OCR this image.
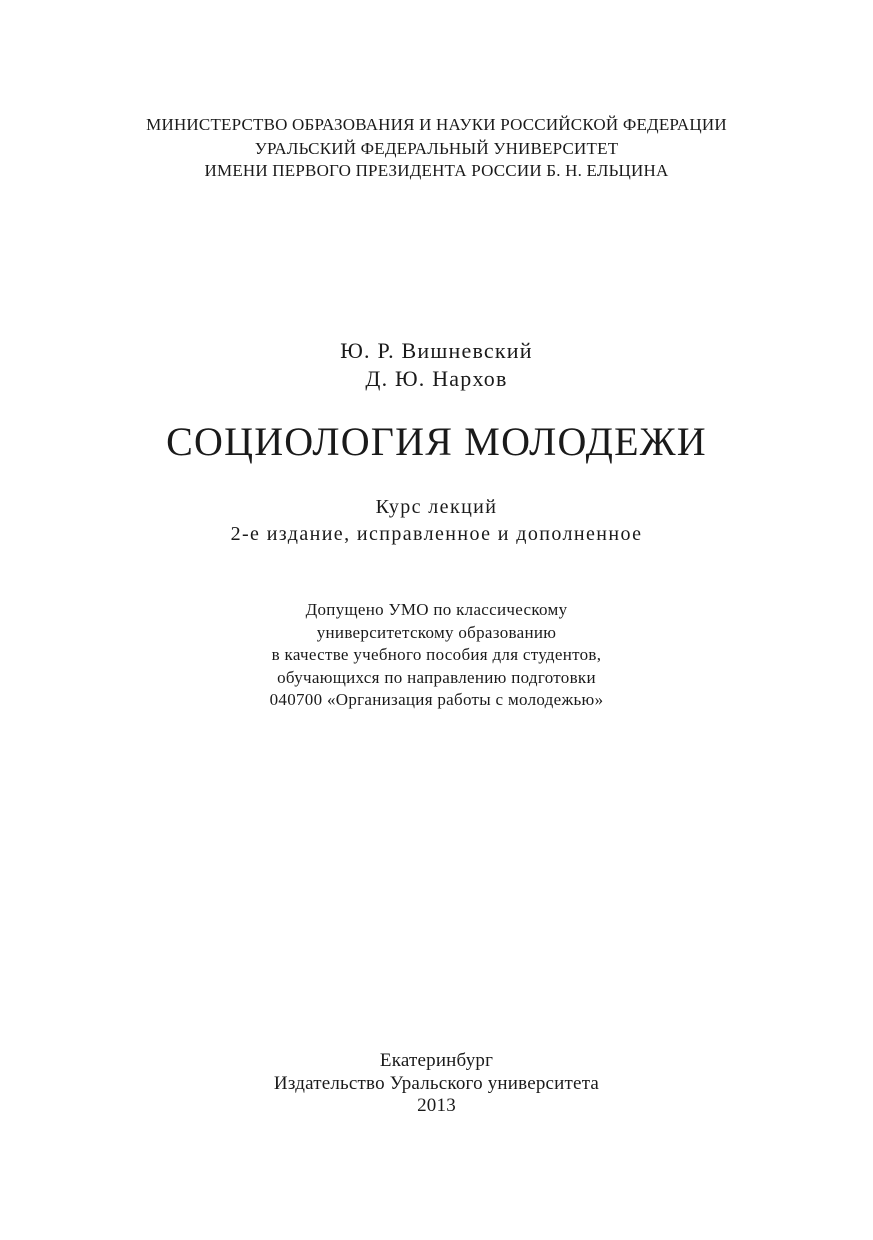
МИНИСТЕРСТВО ОБРАЗОВАНИЯ И НАУКИ РОССИЙСКОЙ ФЕДЕРАЦИИ
УРАЛЬСКИЙ ФЕДЕРАЛЬНЫЙ УНИВЕРСИТЕТ
ИМЕНИ ПЕРВОГО ПРЕЗИДЕНТА РОССИИ Б. Н. ЕЛЬЦИНА
Ю. Р. Вишневский
Д. Ю. Нархов
СОЦИОЛОГИЯ МОЛОДЕЖИ
Курс лекций
2-е издание, исправленное и дополненное
Допущено УМО по классическому
университетскому образованию
в качестве учебного пособия для студентов,
обучающихся по направлению подготовки
040700 «Организация работы с молодежью»
Екатеринбург
Издательство Уральского университета
2013
